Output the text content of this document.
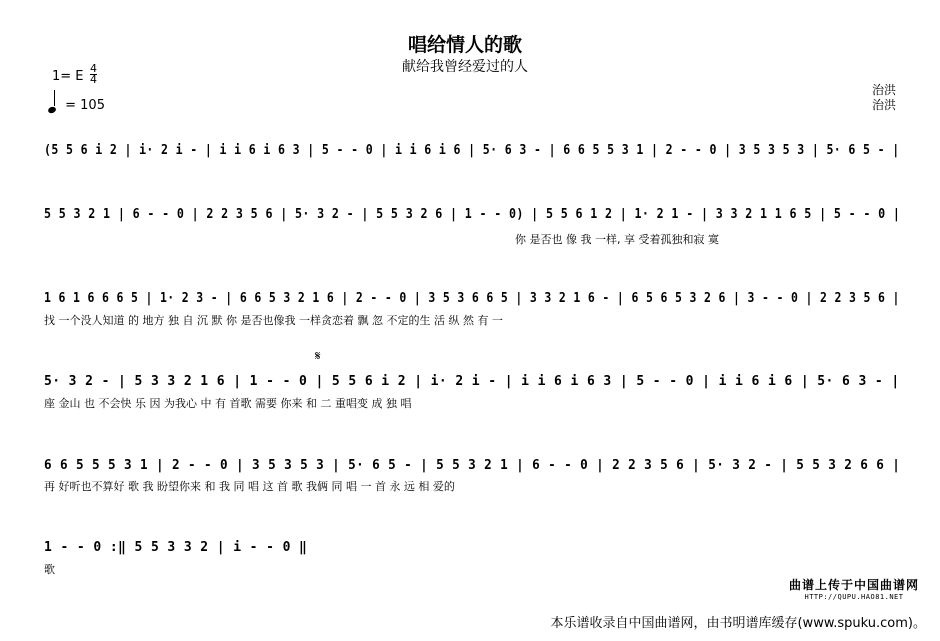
唱给情人的歌
献给我曾经爱过的人
1= E
4
4
= 105
治洪
治洪
(5 5 6 i 2 | i· 2 i - | i i 6 i 6 3 | 5 - - 0 | i i 6 i 6 | 5· 6 3 - | 6 6 5 5 3 1 | 2 - - 0 | 3 5 3 5 3 | 5· 6 5 - |
5 5 3 2 1 | 6 - - 0 | 2 2 3 5 6 | 5· 3 2 - | 5 5 3 2 6 | 1 - - 0) | 5 5 6 1 2 | 1· 2 1 - | 3 3 2 1 1 6 5 | 5 - - 0 |
你 是否也 像 我 一样, 享 受着孤独和寂 寞
1 6 1 6 6 6 5 | 1· 2 3 - | 6 6 5 3 2 1 6 | 2 - - 0 | 3 5 3 6 6 5 | 3 3 2 1 6 - | 6 5 6 5 3 2 6 | 3 - - 0 | 2 2 3 5 6 |
找 一个没人知道 的 地方 独 自 沉 默 你 是否也像我 一样贪恋着 飘 忽 不定的生 活 纵 然 有 一
𝄋
5· 3 2 - | 5 3 3 2 1 6 | 1 - - 0 | 5 5 6 i 2 | i· 2 i - | i i 6 i 6 3 | 5 - - 0 | i i 6 i 6 | 5· 6 3 - |
座 金山 也 不会快 乐 因 为我心 中 有 首歌 需要 你来 和 二 重唱变 成 独 唱
6 6 5 5 5 3 1 | 2 - - 0 | 3 5 3 5 3 | 5· 6 5 - | 5 5 3 2 1 | 6 - - 0 | 2 2 3 5 6 | 5· 3 2 - | 5 5 3 2 6 6 |
再 好听也不算好 歌 我 盼望你来 和 我 同 唱 这 首 歌 我俩 同 唱 一 首 永 远 相 爱的
1 - - 0 :‖ 5 5 3 3 2 | i - - 0 ‖
歌
曲谱上传于中国曲谱网
HTTP://QUPU.HAO81.NET
本乐谱收录自中国曲谱网，由书明谱库缓存(www.spuku.com)。
